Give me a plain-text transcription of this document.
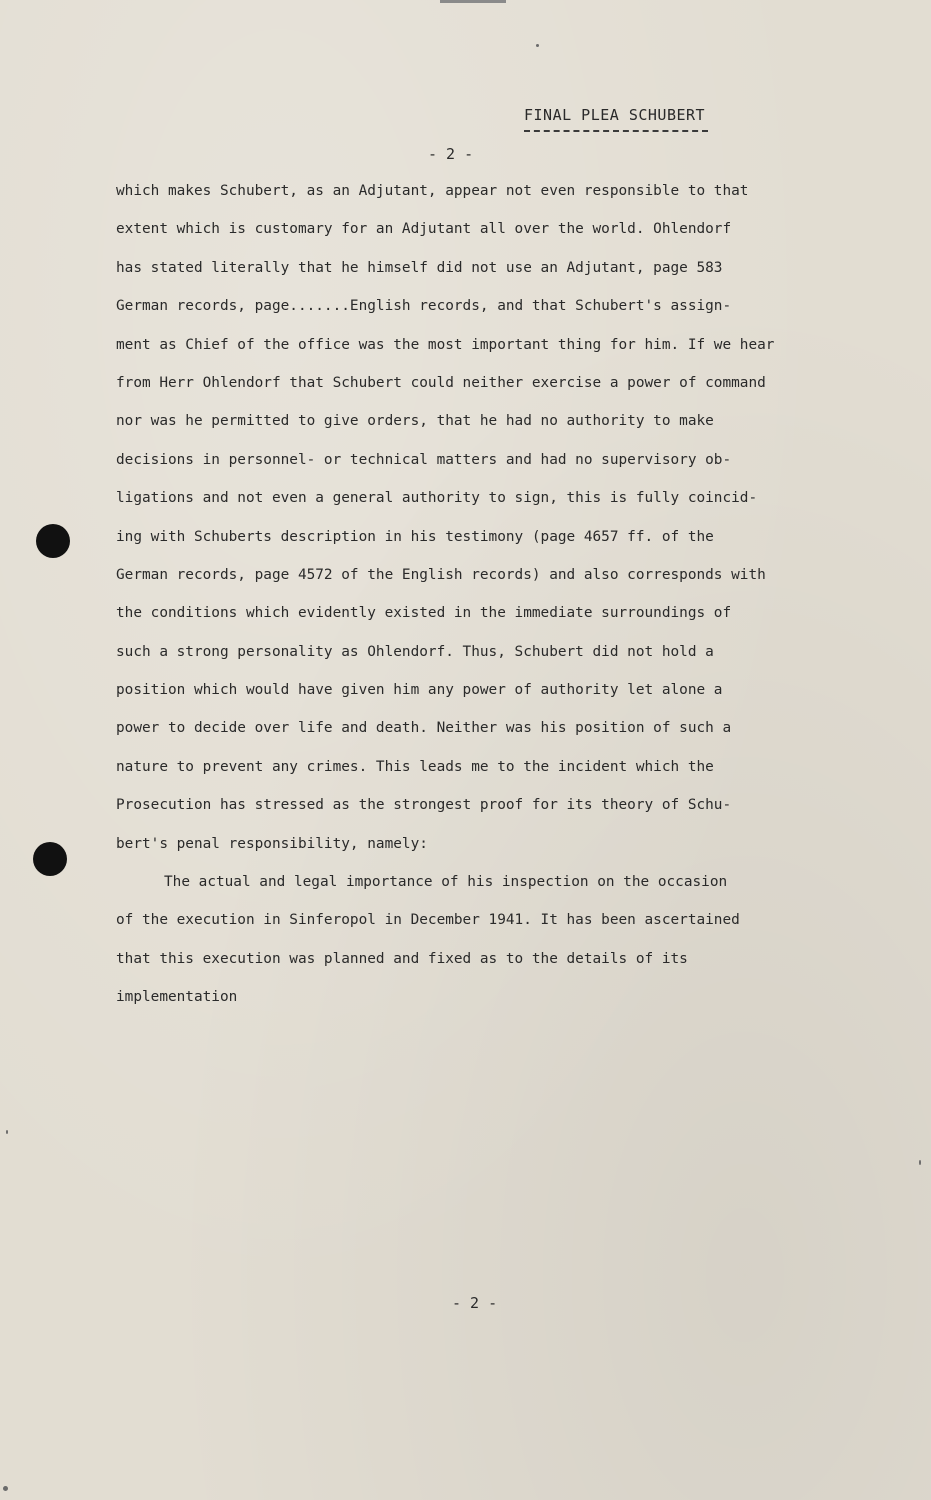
FINAL PLEA SCHUBERT
- 2 -
which makes Schubert, as an Adjutant, appear not even responsible to that
extent which is customary for an Adjutant all over the world. Ohlendorf
has stated literally that he himself did not use an Adjutant, page 583
German records, page.......English records, and that Schubert's assign-
ment as Chief of the office was the most important thing for him. If we hear
from Herr Ohlendorf that Schubert could neither exercise a power of command
nor was he permitted to give orders, that he had no authority to make
decisions in personnel- or technical matters and had no supervisory ob-
ligations and not even a general authority to sign, this is fully coincid-
ing with Schuberts description in his testimony (page 4657 ff. of the
German records, page 4572 of the English records) and also corresponds with
the conditions which evidently existed in the immediate surroundings of
such a strong personality as Ohlendorf. Thus, Schubert did not hold a
position which would have given him any power of authority let alone a
power to decide over life and death. Neither was his position of such a
nature to prevent any crimes. This leads me to the incident which the
Prosecution has stressed as the strongest proof for its theory of Schu-
bert's penal responsibility, namely:
The actual and legal importance of his inspection on the occasion
of the execution in Sinferopol in December 1941. It has been ascertained
that this execution was planned and fixed as to the details of its
implementation
- 2 -
